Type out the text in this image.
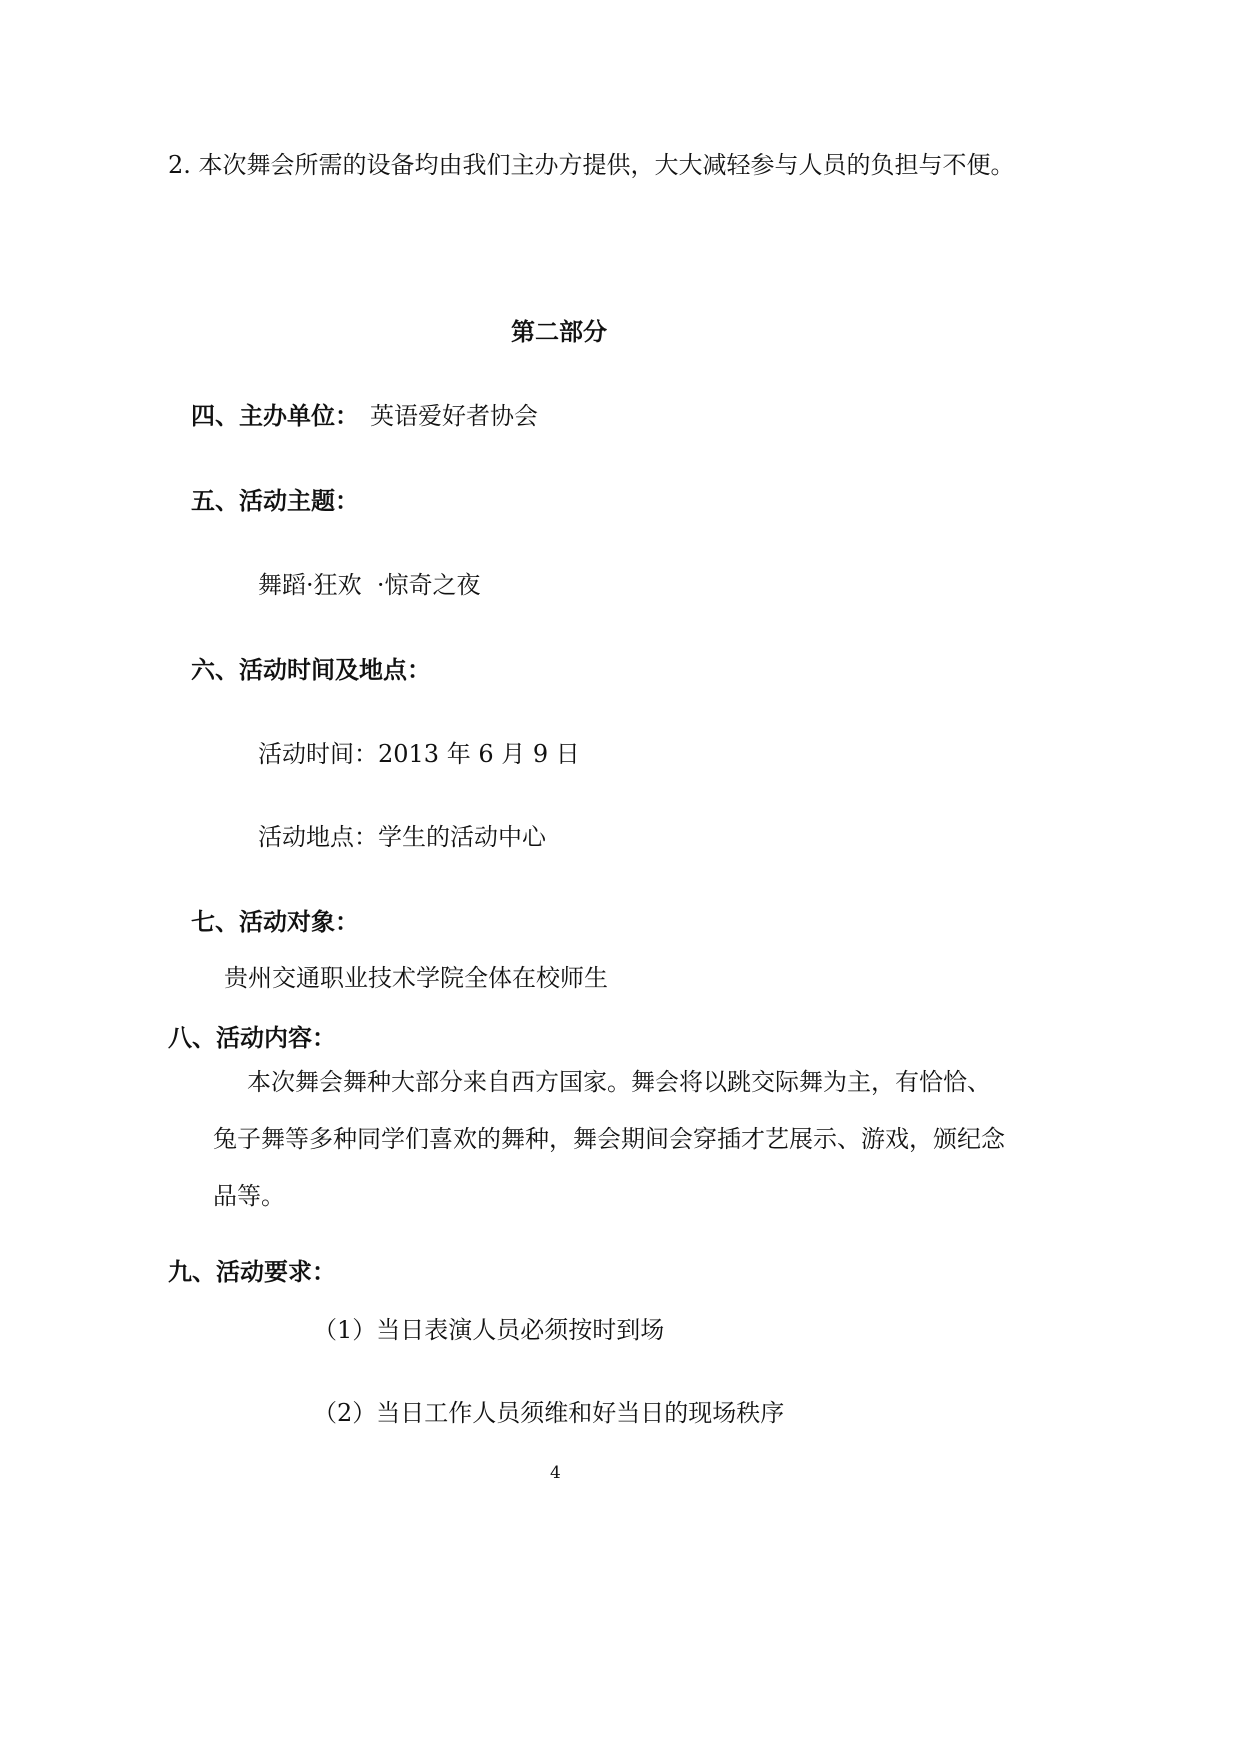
2. 本次舞会所需的设备均由我们主办方提供，大大减轻参与人员的负担与不便。
第二部分
四、主办单位： 英语爱好者协会
五、活动主题：
舞蹈·狂欢  ·惊奇之夜
六、活动时间及地点：
活动时间：2013 年 6 月 9 日
活动地点：学生的活动中心
七、活动对象：
贵州交通职业技术学院全体在校师生
八、活动内容：
本次舞会舞种大部分来自西方国家。舞会将以跳交际舞为主，有恰恰、
兔子舞等多种同学们喜欢的舞种，舞会期间会穿插才艺展示、游戏，颁纪念
品等。
九、活动要求：
（1）当日表演人员必须按时到场
（2）当日工作人员须维和好当日的现场秩序
4
